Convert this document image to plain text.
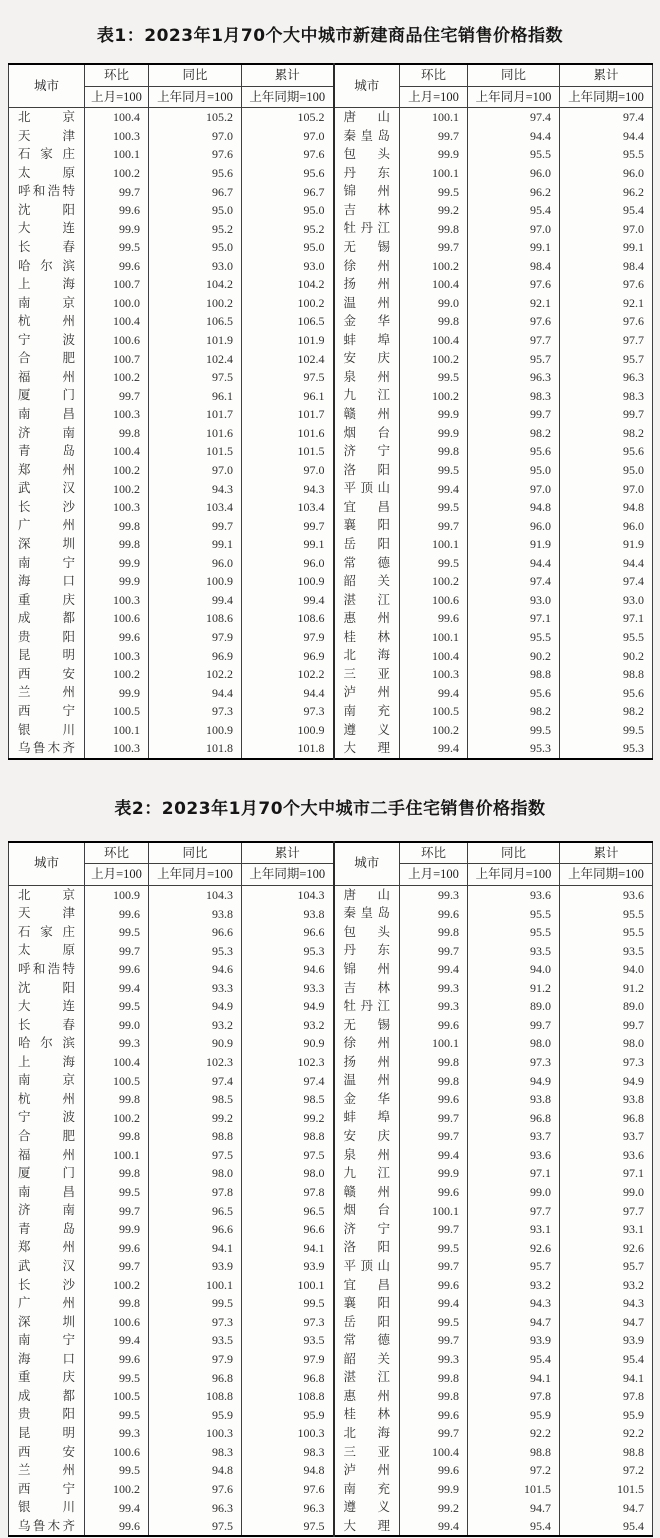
表1：2023年1月70个大中城市新建商品住宅销售价格指数
城市	环比	同比	累计	城市	环比	同比	累计
	上月=100	上年同月=100	上年同期=100		上月=100	上年同月=100	上年同期=100

北 京	100.4	105.2	105.2	唐 山	100.1	97.4	97.4

天 津	100.3	97.0	97.0	秦 皇 岛	99.7	94.4	94.4

石 家 庄	100.1	97.6	97.6	包 头	99.9	95.5	95.5

太 原	100.2	95.6	95.6	丹 东	100.1	96.0	96.0

呼 和 浩 特	99.7	96.7	96.7	锦 州	99.5	96.2	96.2

沈 阳	99.6	95.0	95.0	吉 林	99.2	95.4	95.4

大 连	99.9	95.2	95.2	牡 丹 江	99.8	97.0	97.0

长 春	99.5	95.0	95.0	无 锡	99.7	99.1	99.1

哈 尔 滨	99.6	93.0	93.0	徐 州	100.2	98.4	98.4

上 海	100.7	104.2	104.2	扬 州	100.4	97.6	97.6

南 京	100.0	100.2	100.2	温 州	99.0	92.1	92.1

杭 州	100.4	106.5	106.5	金 华	99.8	97.6	97.6

宁 波	100.6	101.9	101.9	蚌 埠	100.4	97.7	97.7

合 肥	100.7	102.4	102.4	安 庆	100.2	95.7	95.7

福 州	100.2	97.5	97.5	泉 州	99.5	96.3	96.3

厦 门	99.7	96.1	96.1	九 江	100.2	98.3	98.3

南 昌	100.3	101.7	101.7	赣 州	99.9	99.7	99.7

济 南	99.8	101.6	101.6	烟 台	99.9	98.2	98.2

青 岛	100.4	101.5	101.5	济 宁	99.8	95.6	95.6

郑 州	100.2	97.0	97.0	洛 阳	99.5	95.0	95.0

武 汉	100.2	94.3	94.3	平 顶 山	99.4	97.0	97.0

长 沙	100.3	103.4	103.4	宜 昌	99.5	94.8	94.8

广 州	99.8	99.7	99.7	襄 阳	99.7	96.0	96.0

深 圳	99.8	99.1	99.1	岳 阳	100.1	91.9	91.9

南 宁	99.9	96.0	96.0	常 德	99.5	94.4	94.4

海 口	99.9	100.9	100.9	韶 关	100.2	97.4	97.4

重 庆	100.3	99.4	99.4	湛 江	100.6	93.0	93.0

成 都	100.6	108.6	108.6	惠 州	99.6	97.1	97.1

贵 阳	99.6	97.9	97.9	桂 林	100.1	95.5	95.5

昆 明	100.3	96.9	96.9	北 海	100.4	90.2	90.2

西 安	100.2	102.2	102.2	三 亚	100.3	98.8	98.8

兰 州	99.9	94.4	94.4	泸 州	99.4	95.6	95.6

西 宁	100.5	97.3	97.3	南 充	100.5	98.2	98.2

银 川	100.1	100.9	100.9	遵 义	100.2	99.5	99.5

乌 鲁 木 齐	100.3	101.8	101.8	大 理	99.4	95.3	95.3
表2：2023年1月70个大中城市二手住宅销售价格指数
城市	环比	同比	累计	城市	环比	同比	累计
	上月=100	上年同月=100	上年同期=100		上月=100	上年同月=100	上年同期=100

北 京	100.9	104.3	104.3	唐 山	99.3	93.6	93.6

天 津	99.6	93.8	93.8	秦 皇 岛	99.6	95.5	95.5

石 家 庄	99.5	96.6	96.6	包 头	99.8	95.5	95.5

太 原	99.7	95.3	95.3	丹 东	99.7	93.5	93.5

呼 和 浩 特	99.6	94.6	94.6	锦 州	99.4	94.0	94.0

沈 阳	99.4	93.3	93.3	吉 林	99.3	91.2	91.2

大 连	99.5	94.9	94.9	牡 丹 江	99.3	89.0	89.0

长 春	99.0	93.2	93.2	无 锡	99.6	99.7	99.7

哈 尔 滨	99.3	90.9	90.9	徐 州	100.1	98.0	98.0

上 海	100.4	102.3	102.3	扬 州	99.8	97.3	97.3

南 京	100.5	97.4	97.4	温 州	99.8	94.9	94.9

杭 州	99.8	98.5	98.5	金 华	99.6	93.8	93.8

宁 波	100.2	99.2	99.2	蚌 埠	99.7	96.8	96.8

合 肥	99.8	98.8	98.8	安 庆	99.7	93.7	93.7

福 州	100.1	97.5	97.5	泉 州	99.4	93.6	93.6

厦 门	99.8	98.0	98.0	九 江	99.9	97.1	97.1

南 昌	99.5	97.8	97.8	赣 州	99.6	99.0	99.0

济 南	99.7	96.5	96.5	烟 台	100.1	97.7	97.7

青 岛	99.9	96.6	96.6	济 宁	99.7	93.1	93.1

郑 州	99.6	94.1	94.1	洛 阳	99.5	92.6	92.6

武 汉	99.7	93.9	93.9	平 顶 山	99.7	95.7	95.7

长 沙	100.2	100.1	100.1	宜 昌	99.6	93.2	93.2

广 州	99.8	99.5	99.5	襄 阳	99.4	94.3	94.3

深 圳	100.6	97.3	97.3	岳 阳	99.5	94.7	94.7

南 宁	99.4	93.5	93.5	常 德	99.7	93.9	93.9

海 口	99.6	97.9	97.9	韶 关	99.3	95.4	95.4

重 庆	99.5	96.8	96.8	湛 江	99.8	94.1	94.1

成 都	100.5	108.8	108.8	惠 州	99.8	97.8	97.8

贵 阳	99.5	95.9	95.9	桂 林	99.6	95.9	95.9

昆 明	99.3	100.3	100.3	北 海	99.7	92.2	92.2

西 安	100.6	98.3	98.3	三 亚	100.4	98.8	98.8

兰 州	99.5	94.8	94.8	泸 州	99.6	97.2	97.2

西 宁	100.2	97.6	97.6	南 充	99.9	101.5	101.5

银 川	99.4	96.3	96.3	遵 义	99.2	94.7	94.7

乌 鲁 木 齐	99.6	97.5	97.5	大 理	99.4	95.4	95.4
